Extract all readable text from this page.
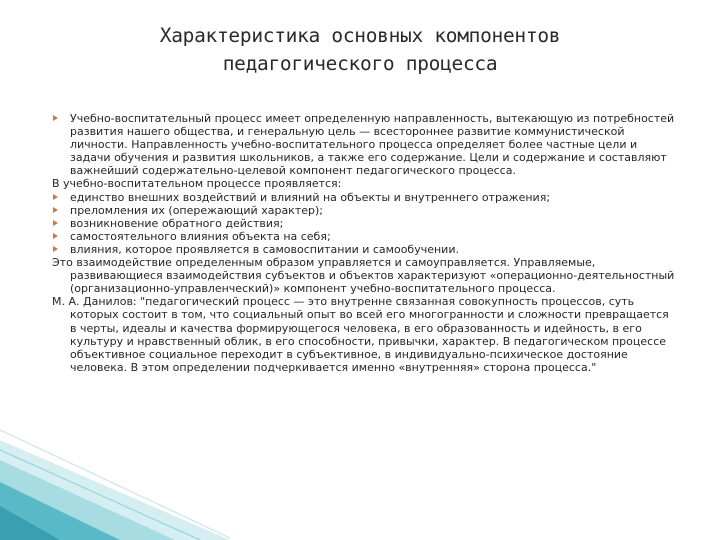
Характеристика основных компонентов
педагогического процесса

Учебно-воспитательный процесс имеет определенную направленность, вытекающую из потребностей развития нашего общества, и генеральную цель — всестороннее развитие коммунистической личности. Направленность учебно-воспитательного процесса определяет более частные цели и задачи обучения и развития школьников, а также его содержание. Цели и содержание и составляют важнейший содержательно-целевой компонент педагогического процесса.

В учебно-воспитательном процессе проявляется:

единство внешних воздействий и влияний на объекты и внутреннего отражения;

преломления их (опережающий характер);

возникновение обратного действия;

самостоятельного влияния объекта на себя;

влияния, которое проявляется в самовоспитании и самообучении.

Это взаимодействие определенным образом управляется и самоуправляется. Управляемые, развивающиеся взаимодействия субъектов и объектов характеризуют «операционно-деятельностный (организационно-управленческий)» компонент учебно-воспитательного процесса.

М. А. Данилов: "педагогический процесс — это внутренне связанная совокупность процессов, суть которых состоит в том, что социальный опыт во всей его многогранности и сложности превращается в черты, идеалы и качества формирующегося человека, в его образованность и идейность, в его культуру и нравственный облик, в его способности, привычки, характер. В педагогическом процессе объективное социальное переходит в субъективное, в индивидуально-психическое достояние человека. В этом определении подчеркивается именно «внутренняя» сторона процесса."
